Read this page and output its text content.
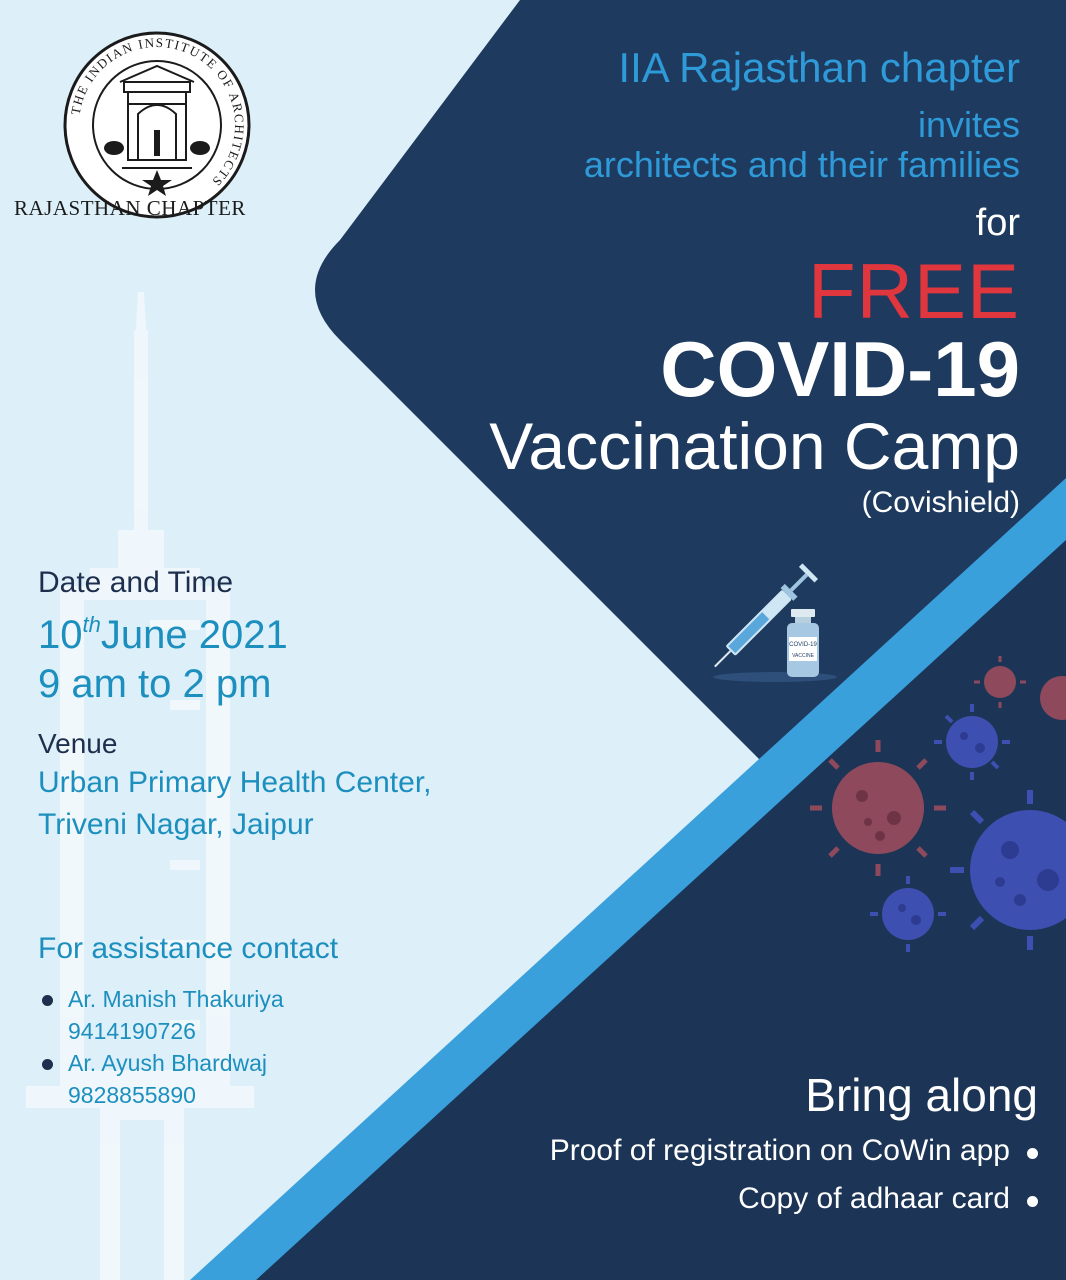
THE INDIAN INSTITUTE OF ARCHITECTS
RAJASTHAN CHAPTER
IIA Rajasthan chapter
invites
architects and their families
for
FREE
COVID-19
Vaccination Camp
(Covishield)
COVID-19
VACCINE
Date and Time
10thJune 2021
9 am to 2 pm
Venue
Urban Primary Health Center,
Triveni Nagar, Jaipur
For assistance contact
Ar. Manish Thakuriya
9414190726
Ar. Ayush Bhardwaj
9828855890	Bring along
Proof of registration on CoWin app
Copy of adhaar card
